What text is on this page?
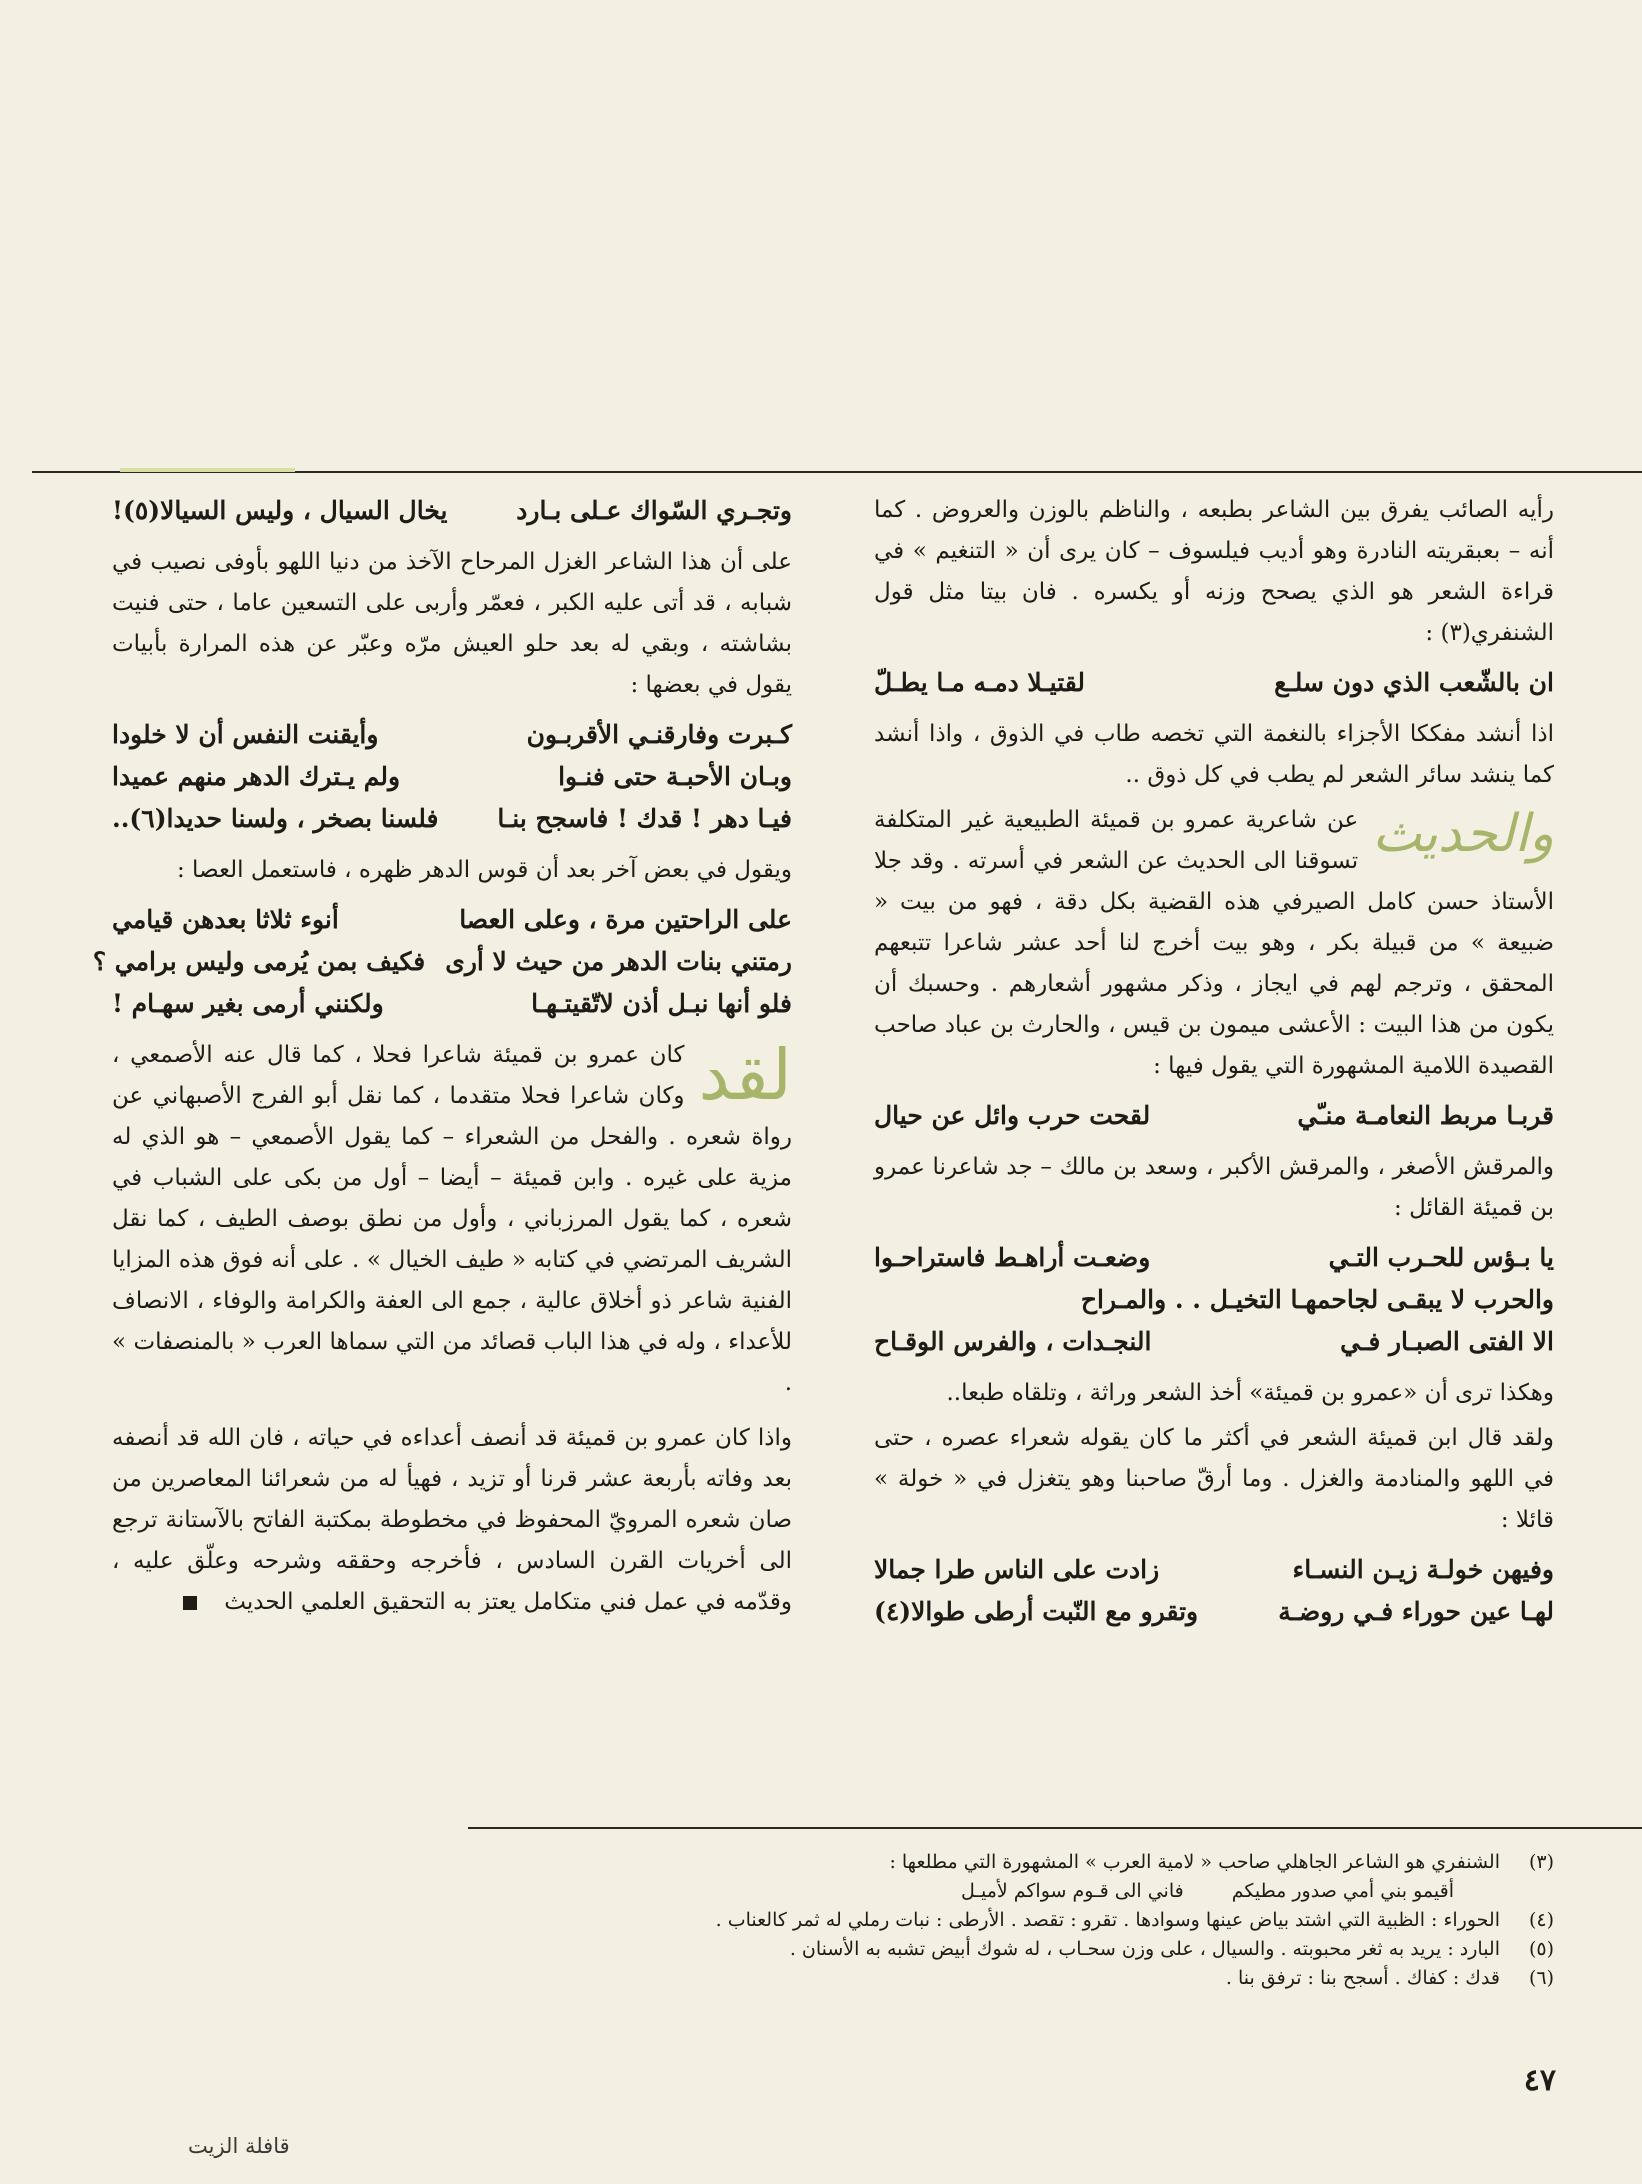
رأيه الصائب يفرق بين الشاعر بطبعه ، والناظم بالوزن والعروض . كما أنه – بعبقريته النادرة وهو أديب فيلسوف – كان يرى أن « التنغيم » في قراءة الشعر هو الذي يصحح وزنه أو يكسره . فان بيتا مثل قول الشنفري(٣) :

ان بالشّعب الذي دون سلـع
لقتيـلا دمـه مـا يطـلّ

اذا أنشد مفككا الأجزاء بالنغمة التي تخصه طاب في الذوق ، واذا أنشد كما ينشد سائر الشعر لم يطب في كل ذوق ..

والحديث
عن شاعرية عمرو بن قميئة الطبيعية غير المتكلفة تسوقنا الى الحديث عن الشعر في أسرته . وقد جلا الأستاذ حسن كامل الصيرفي هذه القضية بكل دقة ، فهو من بيت « ضبيعة » من قبيلة بكر ، وهو بيت أخرج لنا أحد عشر شاعرا تتبعهم المحقق ، وترجم لهم في ايجاز ، وذكر مشهور أشعارهم . وحسبك أن يكون من هذا البيت : الأعشى ميمون بن قيس ، والحارث بن عباد صاحب القصيدة اللامية المشهورة التي يقول فيها :

قربـا مربط النعامـة منـّي
لقحت حرب وائل عن حيال

والمرقش الأصغر ، والمرقش الأكبر ، وسعد بن مالك – جد شاعرنا عمرو بن قميئة القائل :

يا بـؤس للحـرب التـي
وضعـت أراهـط فاستراحـوا
والحرب لا يبقـى لجاحمهـا التخيـل . . والمـراح
الا الفتى الصبـار فـي
النجـدات ، والفرس الوقـاح

وهكذا ترى أن «عمرو بن قميئة» أخذ الشعر وراثة ، وتلقاه طبعا..

ولقد قال ابن قميئة الشعر في أكثر ما كان يقوله شعراء عصره ، حتى في اللهو والمنادمة والغزل . وما أرقّ صاحبنا وهو يتغزل في « خولة » قائلا :

وفيهن خولـة زيـن النسـاء
زادت على الناس طرا جمالا
لهـا عين حوراء فـي روضـة
وتقرو مع النّبت أرطى طوالا(٤)
وتجـري السّواك عـلى بـارد
يخال السيال ، وليس السيالا(٥)!

على أن هذا الشاعر الغزل المرحاح الآخذ من دنيا اللهو بأوفى نصيب في شبابه ، قد أتى عليه الكبر ، فعمّر وأربى على التسعين عاما ، حتى فنيت بشاشته ، وبقي له بعد حلو العيش مرّه وعبّر عن هذه المرارة بأبيات يقول في بعضها :

كـبرت وفارقنـي الأقربـون
وأيقنت النفس أن لا خلودا
وبـان الأحبـة حتى فنـوا
ولم يـترك الدهر منهم عميدا
فيـا دهر ! قدك ! فاسجح بنـا
فلسنا بصخر ، ولسنا حديدا(٦)..

ويقول في بعض آخر بعد أن قوس الدهر ظهره ، فاستعمل العصا :

على الراحتين مرة ، وعلى العصا
أنوء ثلاثا بعدهن قيامي
رمتني بنات الدهر من حيث لا أرى
فكيف بمن يُرمى وليس برامي ؟
فلو أنها نبـل أذن لاتّقيتـهـا
ولكنني أرمى بغير سهـام !

لقد
كان عمرو بن قميئة شاعرا فحلا ، كما قال عنه الأصمعي ، وكان شاعرا فحلا متقدما ، كما نقل أبو الفرج الأصبهاني عن رواة شعره . والفحل من الشعراء – كما يقول الأصمعي – هو الذي له مزية على غيره . وابن قميئة – أيضا – أول من بكى على الشباب في شعره ، كما يقول المرزباني ، وأول من نطق بوصف الطيف ، كما نقل الشريف المرتضي في كتابه « طيف الخيال » . على أنه فوق هذه المزايا الفنية شاعر ذو أخلاق عالية ، جمع الى العفة والكرامة والوفاء ، الانصاف للأعداء ، وله في هذا الباب قصائد من التي سماها العرب « بالمنصفات » .

واذا كان عمرو بن قميئة قد أنصف أعداءه في حياته ، فان الله قد أنصفه بعد وفاته بأربعة عشر قرنا أو تزيد ، فهيأ له من شعرائنا المعاصرين من صان شعره المرويّ المحفوظ في مخطوطة بمكتبة الفاتح بالآستانة ترجع الى أخريات القرن السادس ، فأخرجه وحققه وشرحه وعلّق عليه ، وقدّمه في عمل فني متكامل يعتز به التحقيق العلمي الحديث

(٣)
الشنفري هو الشاعر الجاهلي صاحب « لامية العرب » المشهورة التي مطلعها :
أقيمو بني أمي صدور مطيكم
فاني الى قـوم سواكم لأميـل
(٤)
الحوراء : الظبية التي اشتد بياض عينها وسوادها . تقرو : تقصد . الأرطى : نبات رملي له ثمر كالعناب .
(٥)
البارد : يريد به ثغر محبوبته . والسيال ، على وزن سحـاب ، له شوك أبيض تشبه به الأسنان .
(٦)
قدك : كفاك . أسجح بنا : ترفق بنا .
٤٧
قافلة الزيت
